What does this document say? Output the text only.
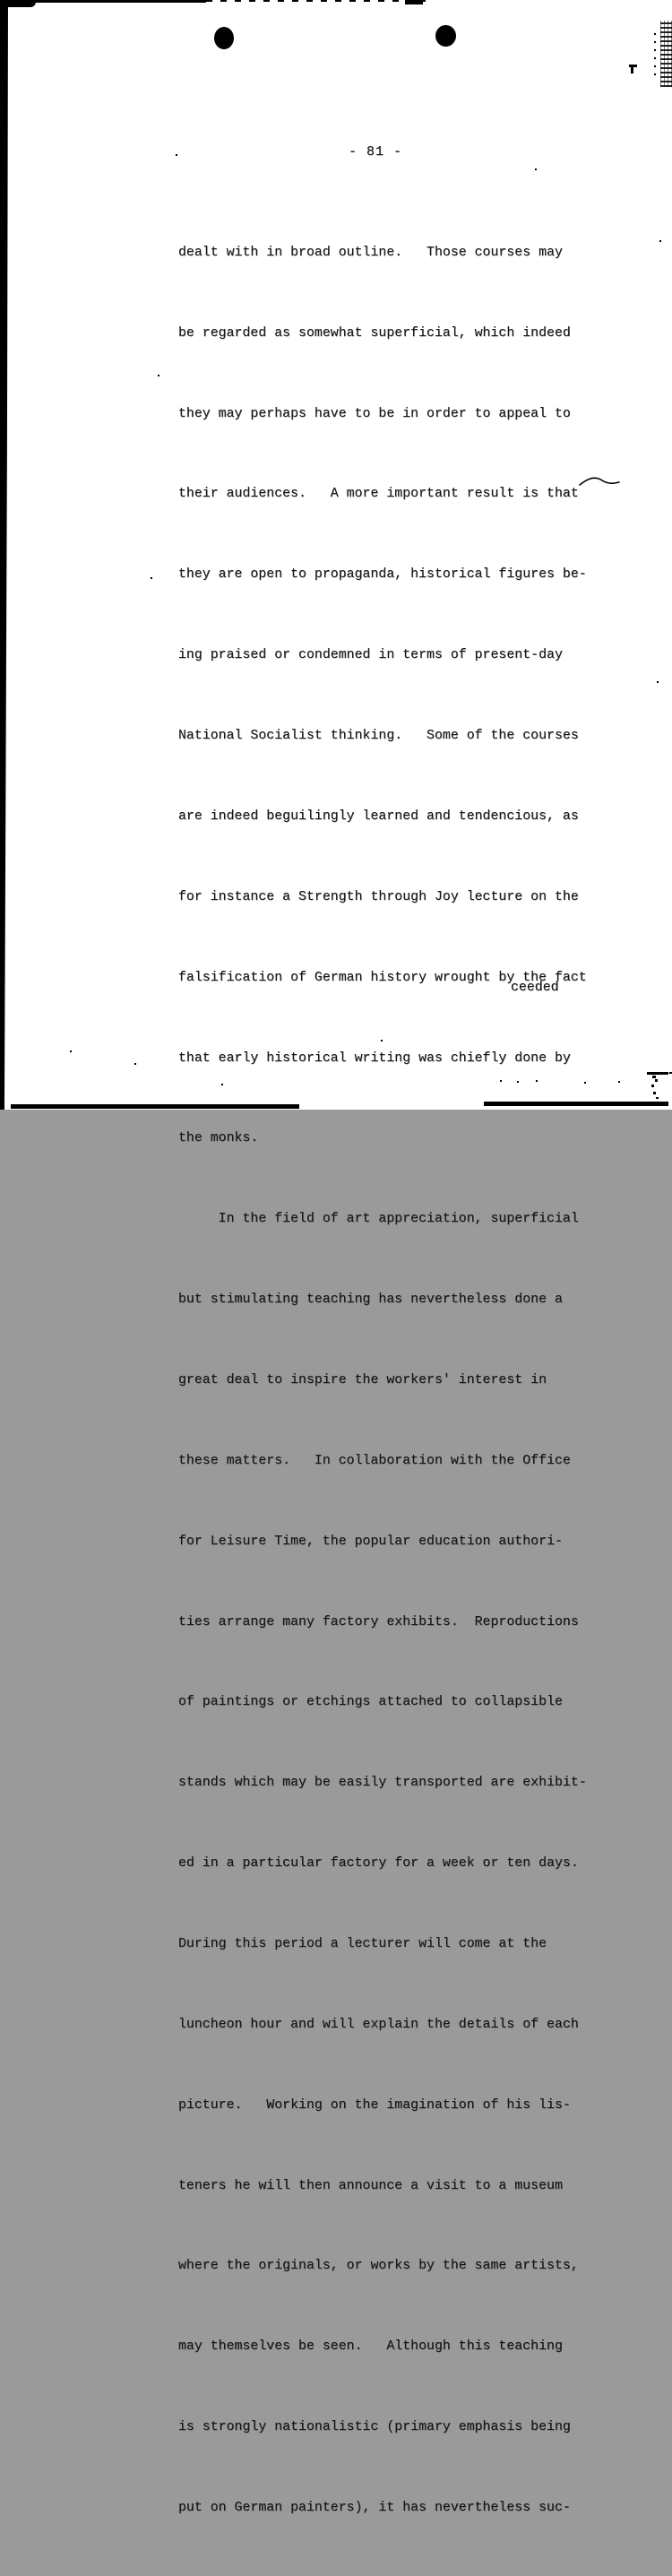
- 81 -

dealt with in broad outline.   Those courses may

be regarded as somewhat superficial, which indeed

they may perhaps have to be in order to appeal to

their audiences.   A more important result is that

they are open to propaganda, historical figures be-

ing praised or condemned in terms of present-day

National Socialist thinking.   Some of the courses

are indeed beguilingly learned and tendencious, as

for instance a Strength through Joy lecture on the

falsification of German history wrought by the fact

that early historical writing was chiefly done by

the monks.

In the field of art appreciation, superficial

but stimulating teaching has nevertheless done a

great deal to inspire the workers' interest in

these matters.   In collaboration with the Office

for Leisure Time, the popular education authori-

ties arrange many factory exhibits.  Reproductions

of paintings or etchings attached to collapsible

stands which may be easily transported are exhibit-

ed in a particular factory for a week or ten days.

During this period a lecturer will come at the

luncheon hour and will explain the details of each

picture.   Working on the imagination of his lis-

teners he will then announce a visit to a museum

where the originals, or works by the same artists,

may themselves be seen.   Although this teaching

is strongly nationalistic (primary emphasis being

put on German painters), it has nevertheless suc-

ceeded
